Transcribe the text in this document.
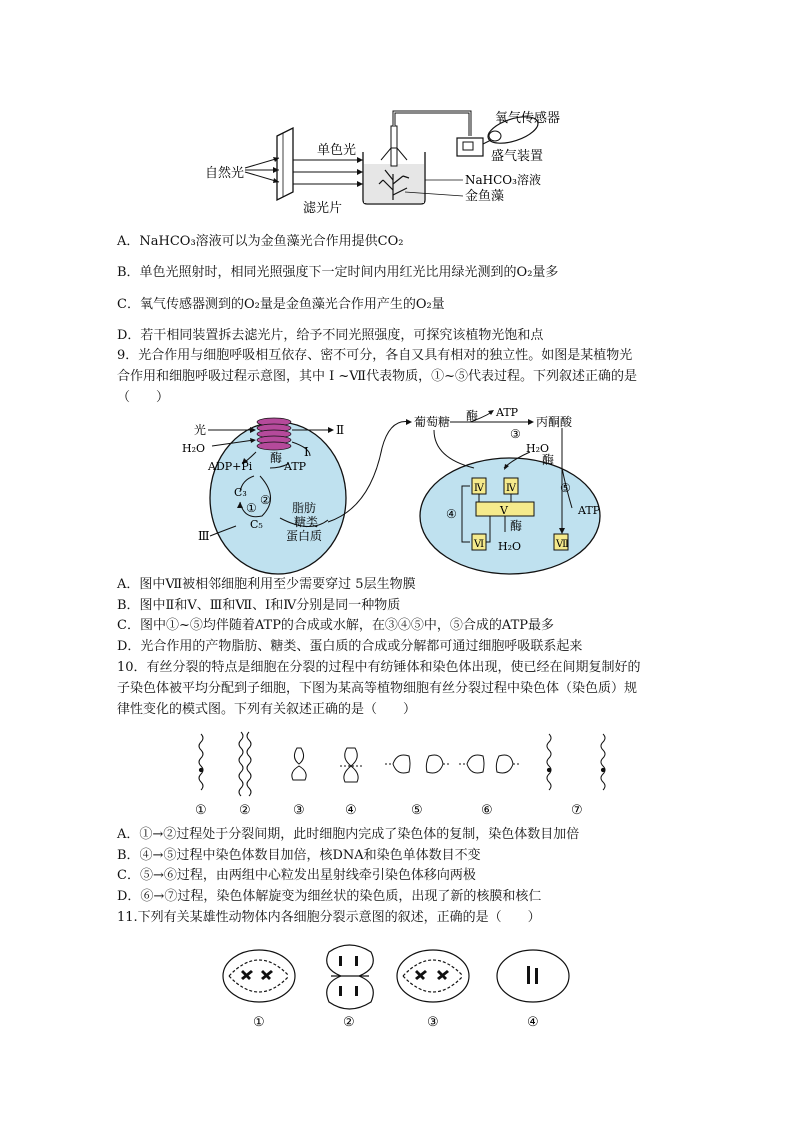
自然光
单色光
滤光片
氧气传感器
盛气装置
NaHCO₃溶液
金鱼藻
A．NaHCO₃溶液可以为金鱼藻光合作用提供CO₂
B．单色光照射时，相同光照强度下一定时间内用红光比用绿光测到的O₂量多
C．氧气传感器测到的O₂量是金鱼藻光合作用产生的O₂量
D．若干相同装置拆去滤光片，给予不同光照强度，可探究该植物光饱和点
9．光合作用与细胞呼吸相互依存、密不可分，各自又具有相对的独立性。如图是某植物光
合作用和细胞呼吸过程示意图，其中 I ~Ⅶ代表物质，①~⑤代表过程。下列叙述正确的是
（　　）
光
H₂O
酶
ADP+Pi	ATP
I
Ⅱ
Ⅲ
C₃
①
②
C₅
脂肪
糖类
蛋白质
葡萄糖 酶 ATP
③
丙酮酸
H₂O
酶
⑤
ATP
Ⅳ Ⅳ
Ⅴ
④
酶
Ⅵ H₂O	Ⅶ
A．图中Ⅶ被相邻细胞利用至少需要穿过 5层生物膜
B．图中Ⅱ和Ⅴ、Ⅲ和Ⅶ、Ⅰ和Ⅳ分别是同一种物质
C．图中①~⑤均伴随着ATP的合成或水解，在③④⑤中，⑤合成的ATP最多
D．光合作用的产物脂肪、糖类、蛋白质的合成或分解都可通过细胞呼吸联系起来
10．有丝分裂的特点是细胞在分裂的过程中有纺锤体和染色体出现，使已经在间期复制好的
子染色体被平均分配到子细胞，下图为某高等植物细胞有丝分裂过程中染色体（染色质）规
律性变化的模式图。下列有关叙述正确的是（　　）
① ②	③	④	⑤	⑥	⑦
A．①→②过程处于分裂间期，此时细胞内完成了染色体的复制，染色体数目加倍
B．④→⑤过程中染色体数目加倍，核DNA和染色单体数目不变
C．⑤→⑥过程，由两组中心粒发出星射线牵引染色体移向两极
D．⑥→⑦过程，染色体解旋变为细丝状的染色质，出现了新的核膜和核仁
11.下列有关某雄性动物体内各细胞分裂示意图的叙述，正确的是（　　）
①	②	③	④
